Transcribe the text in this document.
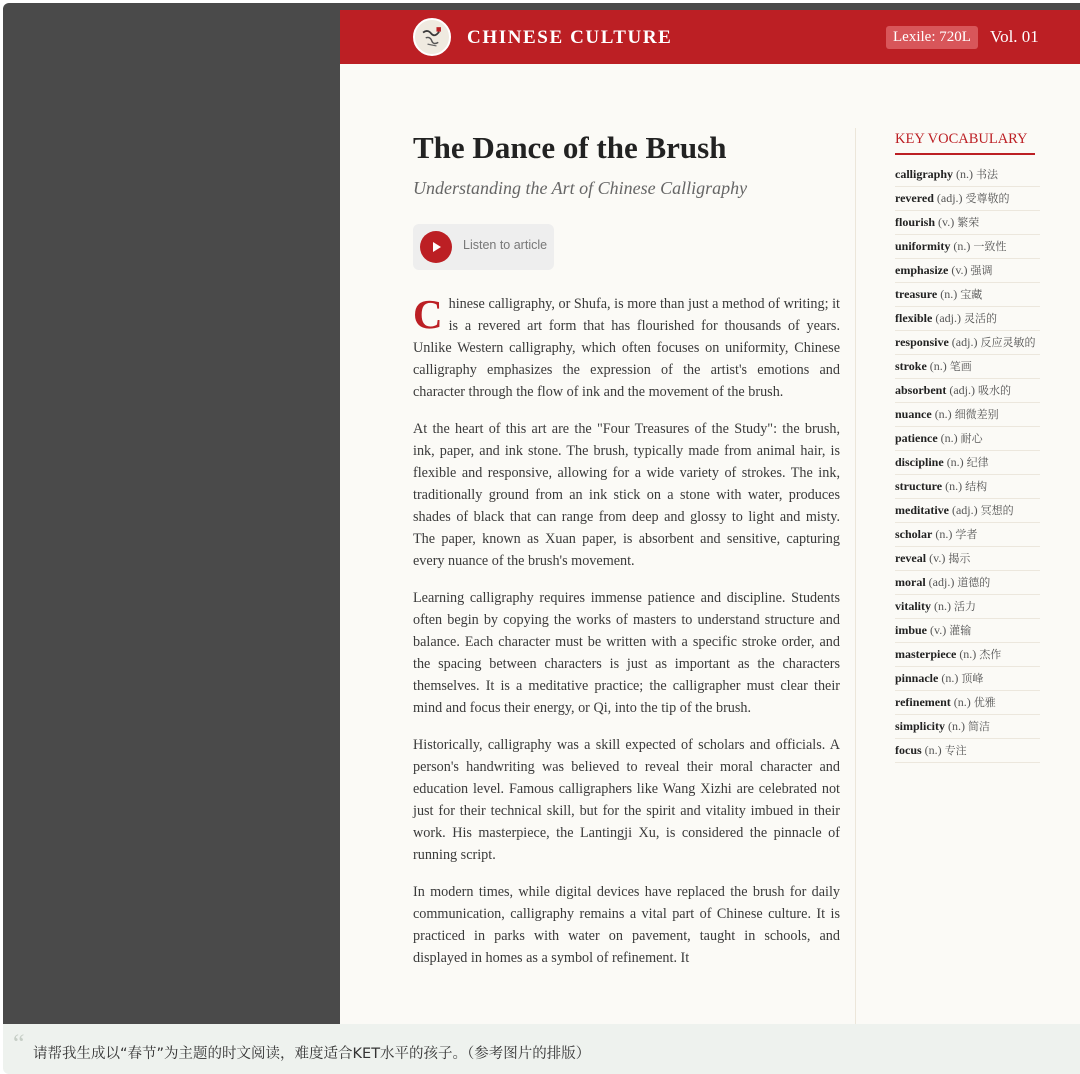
CHINESE CULTURE	Lexile: 720L	Vol. 01
The Dance of the Brush
Understanding the Art of Chinese Calligraphy
Listen to article

Chinese calligraphy, or Shufa, is more than just a method of writing; it is a revered art form that has flourished for thousands of years. Unlike Western calligraphy, which often focuses on uniformity, Chinese calligraphy emphasizes the expression of the artist's emotions and character through the flow of ink and the movement of the brush.

At the heart of this art are the "Four Treasures of the Study": the brush, ink, paper, and ink stone. The brush, typically made from animal hair, is flexible and responsive, allowing for a wide variety of strokes. The ink, traditionally ground from an ink stick on a stone with water, produces shades of black that can range from deep and glossy to light and misty. The paper, known as Xuan paper, is absorbent and sensitive, capturing every nuance of the brush's movement.

Learning calligraphy requires immense patience and discipline. Students often begin by copying the works of masters to understand structure and balance. Each character must be written with a specific stroke order, and the spacing between characters is just as important as the characters themselves. It is a meditative practice; the calligrapher must clear their mind and focus their energy, or Qi, into the tip of the brush.

Historically, calligraphy was a skill expected of scholars and officials. A person's handwriting was believed to reveal their moral character and education level. Famous calligraphers like Wang Xizhi are celebrated not just for their technical skill, but for the spirit and vitality imbued in their work. His masterpiece, the Lantingji Xu, is considered the pinnacle of running script.

In modern times, while digital devices have replaced the brush for daily communication, calligraphy remains a vital part of Chinese culture. It is practiced in parks with water on pavement, taught in schools, and displayed in homes as a symbol of refinement. It

KEY VOCABULARY
calligraphy (n.) 书法
revered (adj.) 受尊敬的
flourish (v.) 繁荣
uniformity (n.) 一致性
emphasize (v.) 强调
treasure (n.) 宝藏
flexible (adj.) 灵活的
responsive (adj.) 反应灵敏的
stroke (n.) 笔画
absorbent (adj.) 吸水的
nuance (n.) 细微差别
patience (n.) 耐心
discipline (n.) 纪律
structure (n.) 结构
meditative (adj.) 冥想的
scholar (n.) 学者
reveal (v.) 揭示
moral (adj.) 道德的
vitality (n.) 活力
imbue (v.) 灌输
masterpiece (n.) 杰作
pinnacle (n.) 顶峰
refinement (n.) 优雅
simplicity (n.) 简洁
focus (n.) 专注
“ 请帮我生成以“春节”为主题的时文阅读，难度适合KET水平的孩子。（参考图片的排版）
